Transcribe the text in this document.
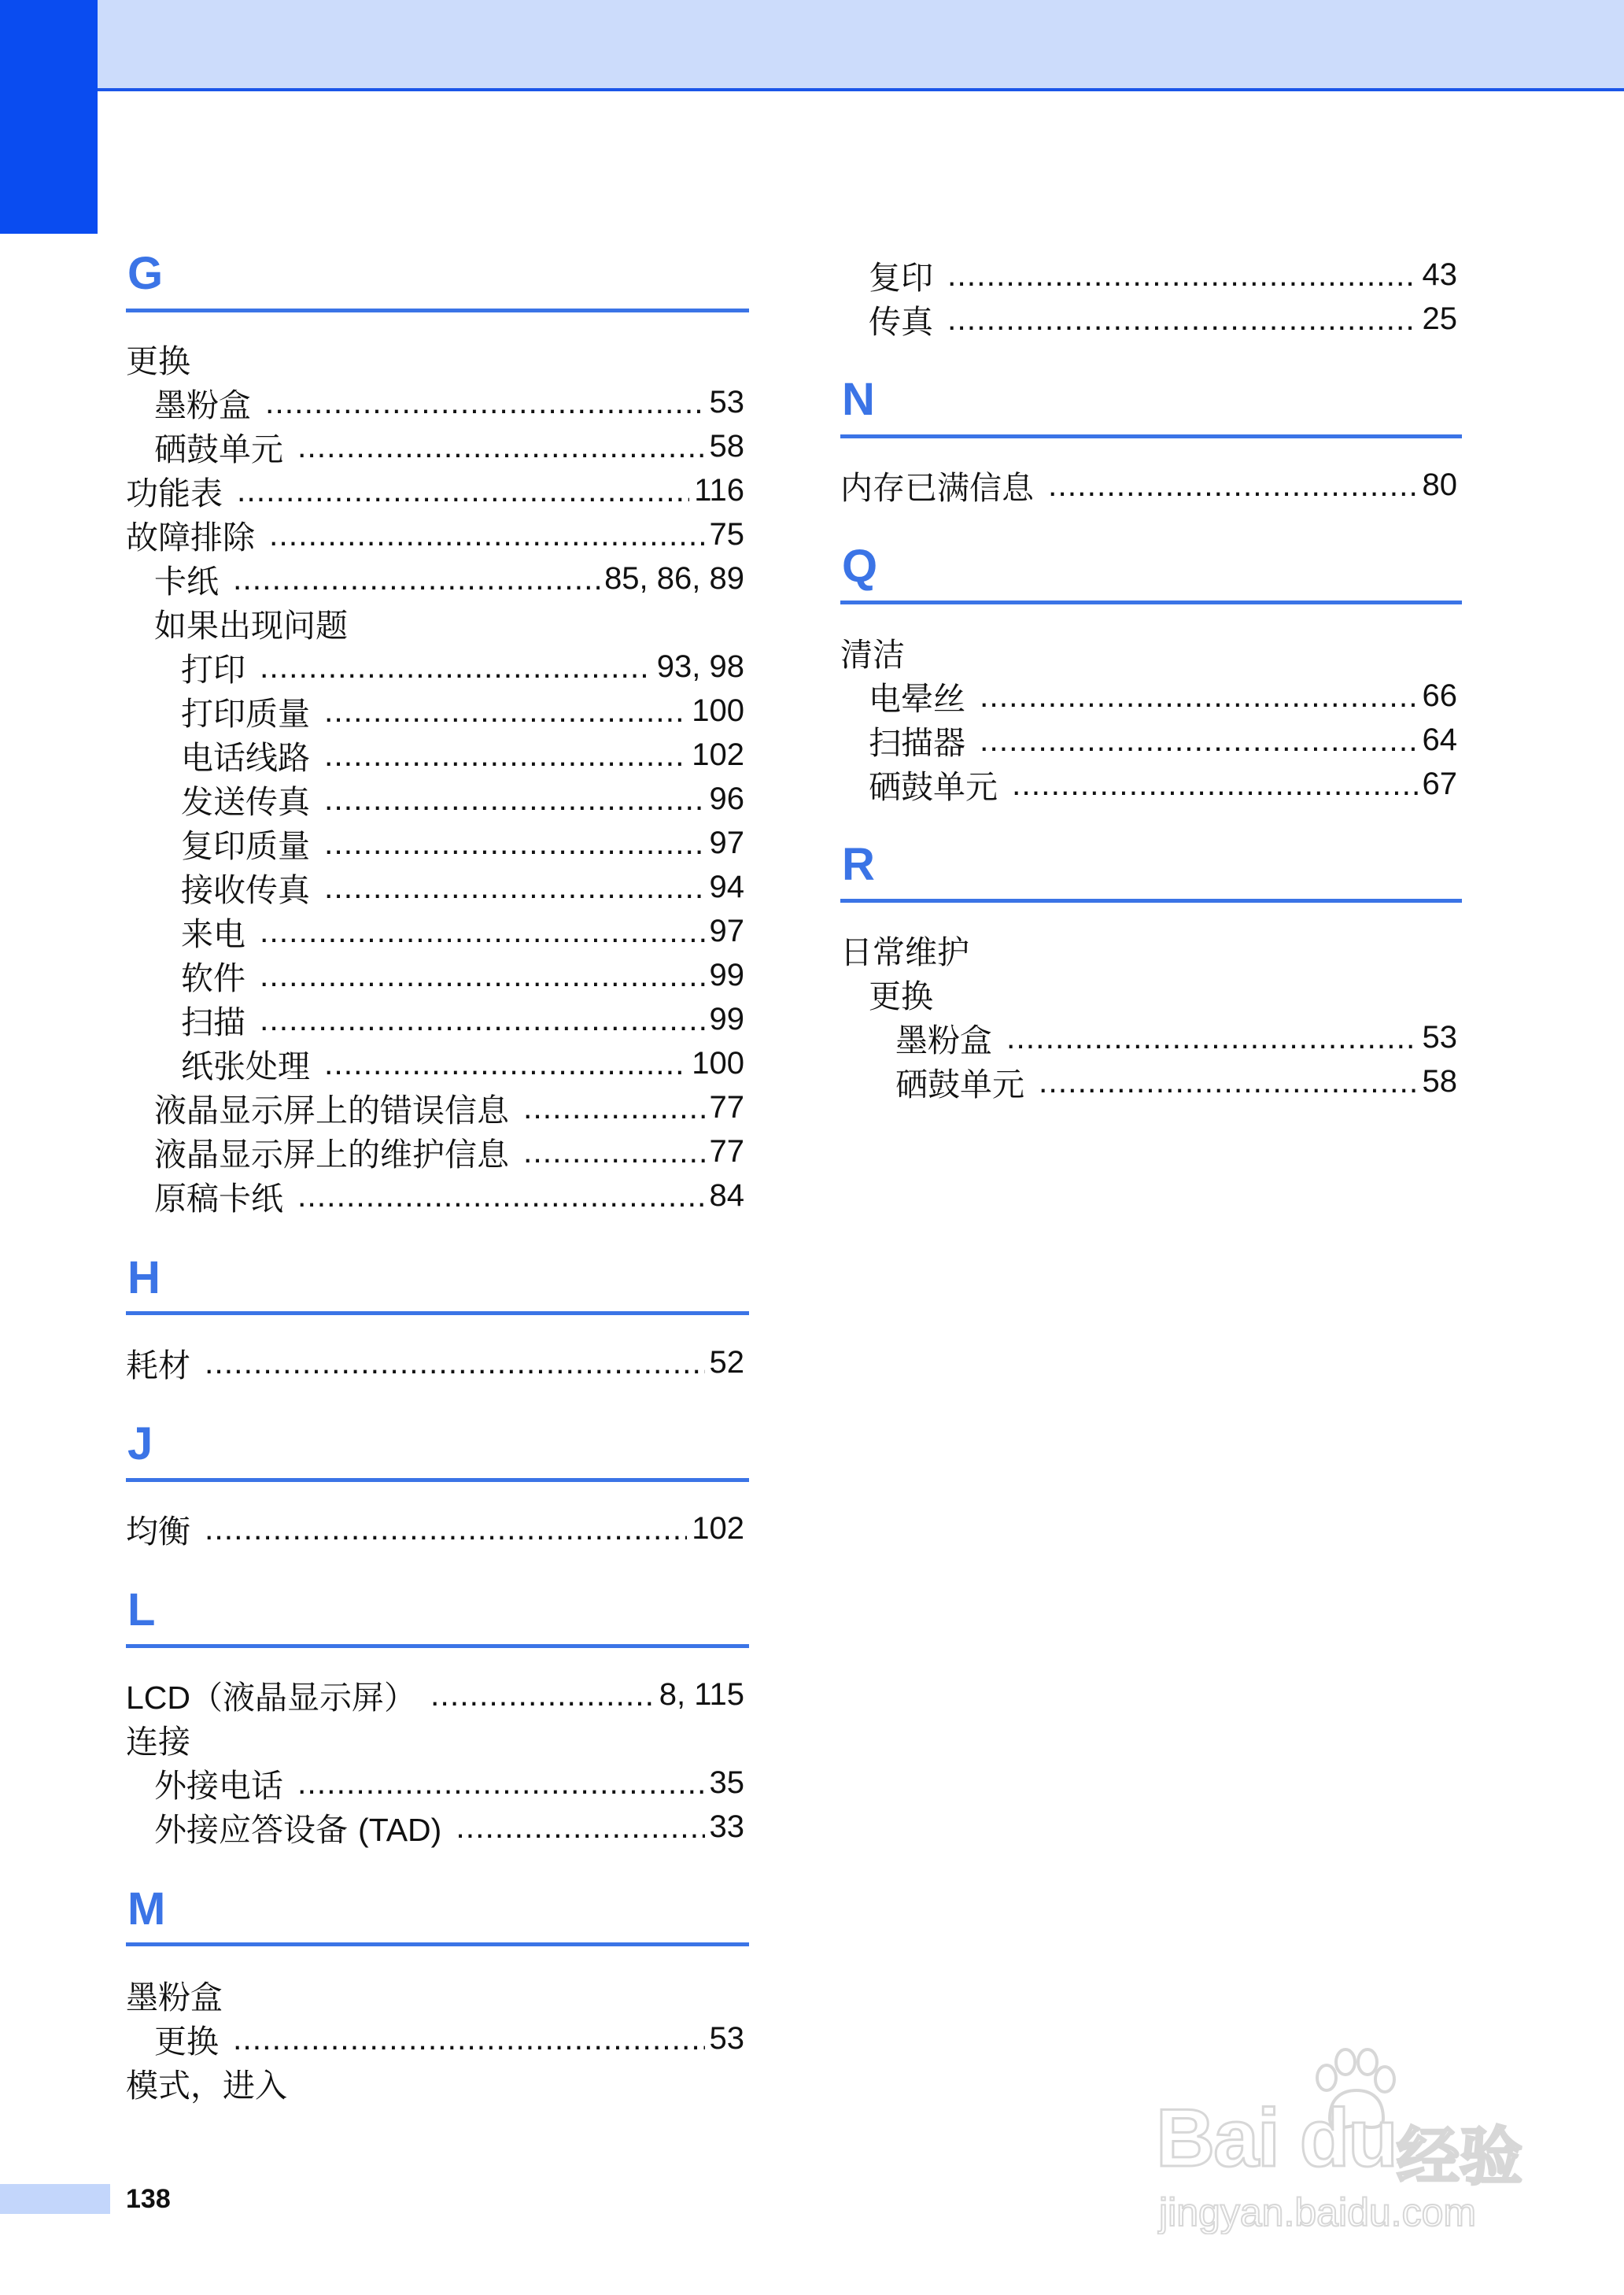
G
更换
墨粉盒 .....	53
硒鼓单元 .....	58
功能表 .....	116
故障排除 .....	75
卡纸 .....	85, 86, 89
如果出现问题
打印 .....	93, 98
打印质量 .....	100
电话线路 .....	102
发送传真 .....	96
复印质量 .....	97
接收传真 .....	94
来电 .....	97
软件 .....	99
扫描 .....	99
纸张处理 .....	100
液晶显示屏上的错误信息 .....	77
液晶显示屏上的维护信息 .....	77
原稿卡纸 .....	84
H
耗材 .....	52
J
均衡 .....	102
L
LCD（液晶显示屏） .....	8, 115
连接
外接电话 .....	35
外接应答设备 (TAD) .....	33
M
墨粉盒
更换 .....	53
模式，进入
复印 .....	43
传真 .....	25
N
内存已满信息 .....	80
Q
清洁
电晕丝 .....	66
扫描器 .....	64
硒鼓单元 .....	67
R
日常维护
更换
墨粉盒 .....	53
硒鼓单元 .....	58
138
Bai du 经验
jingyan.baidu.com
